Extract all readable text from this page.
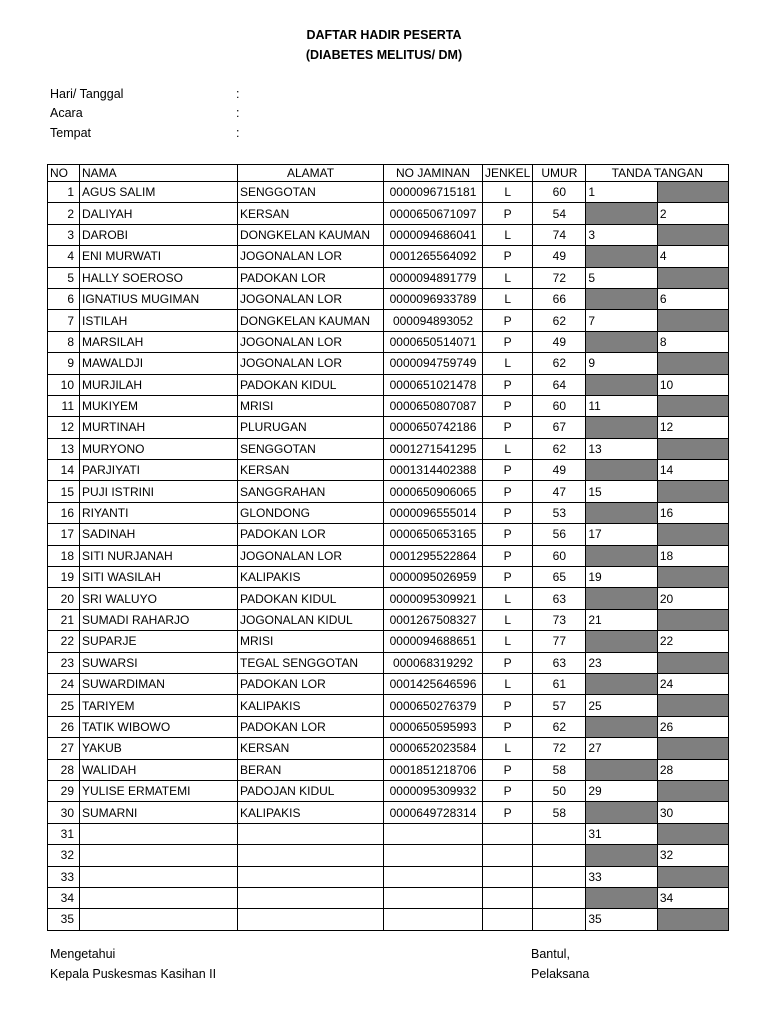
DAFTAR HADIR PESERTA
(DIABETES MELITUS/ DM)
Hari/ Tanggal	:
Acara	:
Tempat	:
NO	NAMA	ALAMAT	NO JAMINAN	JENKEL	UMUR	TANDA TANGAN	
1	AGUS SALIM	SENGGOTAN	0000096715181	L	60	1	
2	DALIYAH	KERSAN	0000650671097	P	54		2
3	DAROBI	DONGKELAN KAUMAN	0000094686041	L	74	3	
4	ENI MURWATI	JOGONALAN LOR	0001265564092	P	49		4
5	HALLY SOEROSO	PADOKAN LOR	0000094891779	L	72	5	
6	IGNATIUS MUGIMAN	JOGONALAN LOR	0000096933789	L	66		6
7	ISTILAH	DONGKELAN KAUMAN	000094893052	P	62	7	
8	MARSILAH	JOGONALAN LOR	0000650514071	P	49		8
9	MAWALDJI	JOGONALAN LOR	0000094759749	L	62	9	
10	MURJILAH	PADOKAN KIDUL	0000651021478	P	64		10
11	MUKIYEM	MRISI	0000650807087	P	60	11	
12	MURTINAH	PLURUGAN	0000650742186	P	67		12
13	MURYONO	SENGGOTAN	0001271541295	L	62	13	
14	PARJIYATI	KERSAN	0001314402388	P	49		14
15	PUJI ISTRINI	SANGGRAHAN	0000650906065	P	47	15	
16	RIYANTI	GLONDONG	0000096555014	P	53		16
17	SADINAH	PADOKAN LOR	0000650653165	P	56	17	
18	SITI NURJANAH	JOGONALAN LOR	0001295522864	P	60		18
19	SITI WASILAH	KALIPAKIS	0000095026959	P	65	19	
20	SRI WALUYO	PADOKAN KIDUL	0000095309921	L	63		20
21	SUMADI RAHARJO	JOGONALAN KIDUL	0001267508327	L	73	21	
22	SUPARJE	MRISI	0000094688651	L	77		22
23	SUWARSI	TEGAL SENGGOTAN	000068319292	P	63	23	
24	SUWARDIMAN	PADOKAN LOR	0001425646596	L	61		24
25	TARIYEM	KALIPAKIS	0000650276379	P	57	25	
26	TATIK WIBOWO	PADOKAN LOR	0000650595993	P	62		26
27	YAKUB	KERSAN	0000652023584	L	72	27	
28	WALIDAH	BERAN	0001851218706	P	58		28
29	YULISE ERMATEMI	PADOJAN KIDUL	0000095309932	P	50	29	
30	SUMARNI	KALIPAKIS	0000649728314	P	58		30
31						31	
32							32
33						33	
34							34
35						35	
Mengetahui
Kepala Puskesmas Kasihan II
Bantul,
Pelaksana
